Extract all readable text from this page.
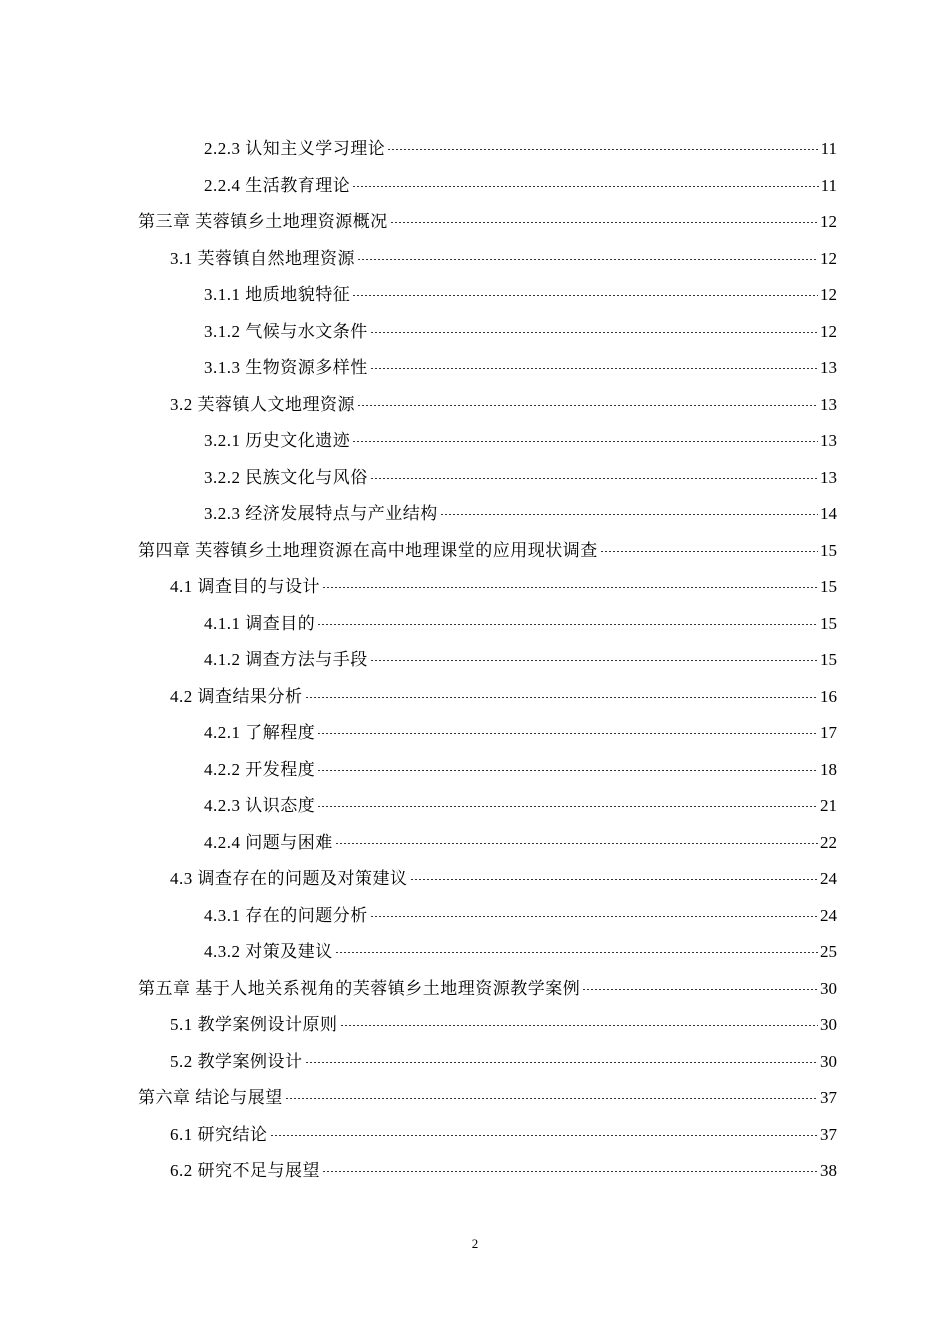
2.2.3 认知主义学习理论	11
2.2.4 生活教育理论	11
第三章 芙蓉镇乡土地理资源概况	12
3.1 芙蓉镇自然地理资源	12
3.1.1 地质地貌特征	12
3.1.2 气候与水文条件	12
3.1.3 生物资源多样性	13
3.2 芙蓉镇人文地理资源	13
3.2.1 历史文化遗迹	13
3.2.2 民族文化与风俗	13
3.2.3 经济发展特点与产业结构	14
第四章 芙蓉镇乡土地理资源在高中地理课堂的应用现状调查	15
4.1 调查目的与设计	15
4.1.1 调查目的	15
4.1.2 调查方法与手段	15
4.2 调查结果分析	16
4.2.1 了解程度	17
4.2.2 开发程度	18
4.2.3 认识态度	21
4.2.4 问题与困难	22
4.3 调查存在的问题及对策建议	24
4.3.1 存在的问题分析	24
4.3.2 对策及建议	25
第五章 基于人地关系视角的芙蓉镇乡土地理资源教学案例	30
5.1 教学案例设计原则	30
5.2 教学案例设计	30
第六章 结论与展望	37
6.1 研究结论	37
6.2 研究不足与展望	38
2
